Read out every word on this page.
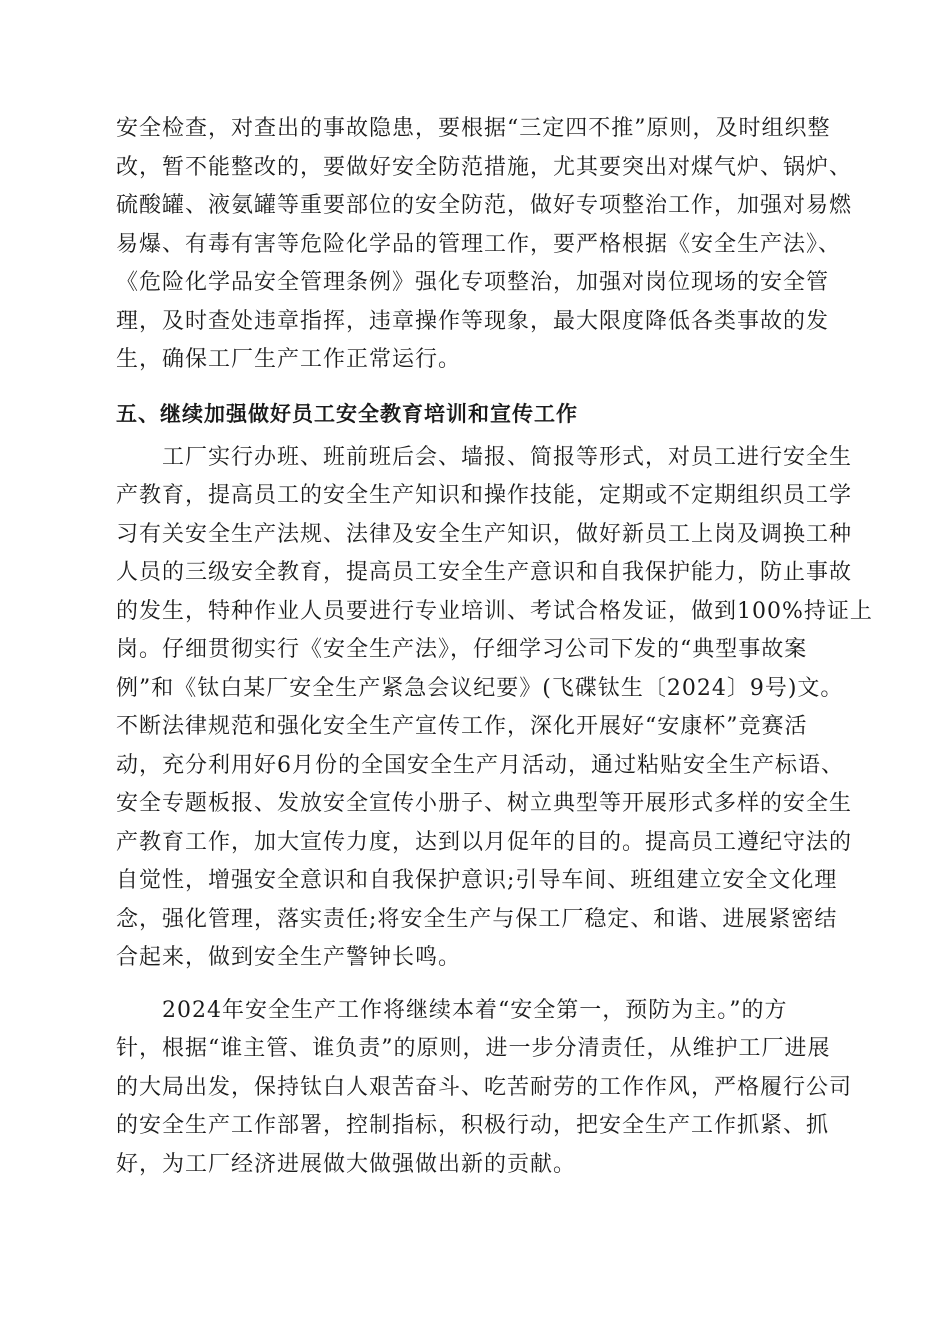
安全检查，对查出的事故隐患，要根据“三定四不推”原则，及时组织整
改，暂不能整改的，要做好安全防范措施，尤其要突出对煤气炉、锅炉、
硫酸罐、液氨罐等重要部位的安全防范，做好专项整治工作，加强对易燃
易爆、有毒有害等危险化学品的管理工作，要严格根据《安全生产法》、
《危险化学品安全管理条例》强化专项整治，加强对岗位现场的安全管
理，及时查处违章指挥，违章操作等现象，最大限度降低各类事故的发
生，确保工厂生产工作正常运行。
五、继续加强做好员工安全教育培训和宣传工作
　　工厂实行办班、班前班后会、墙报、简报等形式，对员工进行安全生
产教育，提高员工的安全生产知识和操作技能，定期或不定期组织员工学
习有关安全生产法规、法律及安全生产知识，做好新员工上岗及调换工种
人员的三级安全教育，提高员工安全生产意识和自我保护能力，防止事故
的发生，特种作业人员要进行专业培训、考试合格发证，做到100%持证上
岗。仔细贯彻实行《安全生产法》，仔细学习公司下发的“典型事故案
例”和《钛白某厂安全生产紧急会议纪要》(飞碟钛生〔2024〕9号)文。
不断法律规范和强化安全生产宣传工作，深化开展好“安康杯”竞赛活
动，充分利用好6月份的全国安全生产月活动，通过粘贴安全生产标语、
安全专题板报、发放安全宣传小册子、树立典型等开展形式多样的安全生
产教育工作，加大宣传力度，达到以月促年的目的。提高员工遵纪守法的
自觉性，增强安全意识和自我保护意识;引导车间、班组建立安全文化理
念，强化管理，落实责任;将安全生产与保工厂稳定、和谐、进展紧密结
合起来，做到安全生产警钟长鸣。
　　2024年安全生产工作将继续本着“安全第一，预防为主。”的方
针，根据“谁主管、谁负责”的原则，进一步分清责任，从维护工厂进展
的大局出发，保持钛白人艰苦奋斗、吃苦耐劳的工作作风，严格履行公司
的安全生产工作部署，控制指标，积极行动，把安全生产工作抓紧、抓
好，为工厂经济进展做大做强做出新的贡献。
